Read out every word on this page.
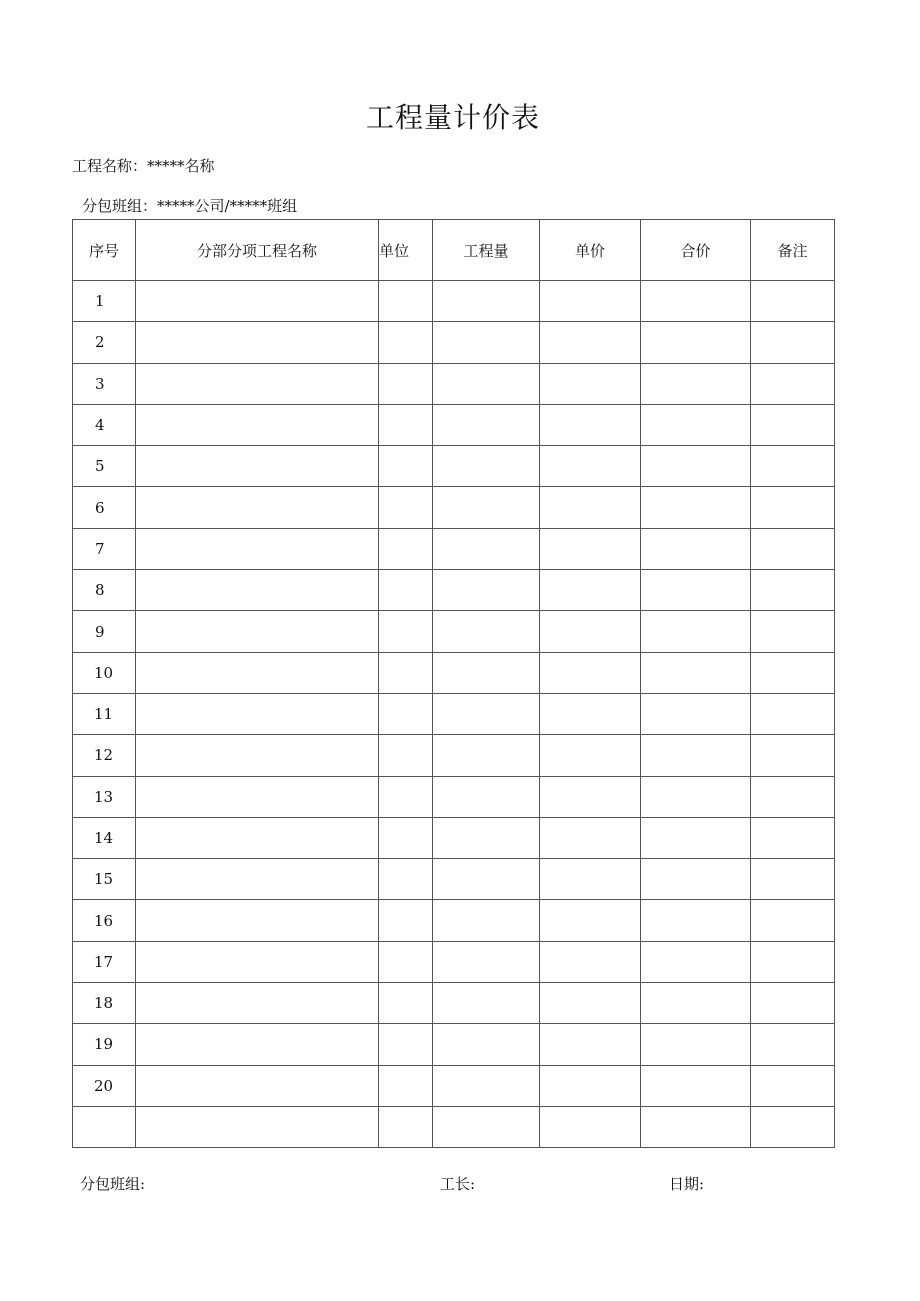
工程量计价表
工程名称：*****名称
分包班组：*****公司/*****班组
序号	分部分项工程名称	单位	工程量	单价	合价	备注
1						
2						
3						
4						
5						
6						
7						
8						
9						
10						
11						
12						
13						
14						
15						
16						
17						
18						
19						
20						

分包班组:	工长:	日期:
